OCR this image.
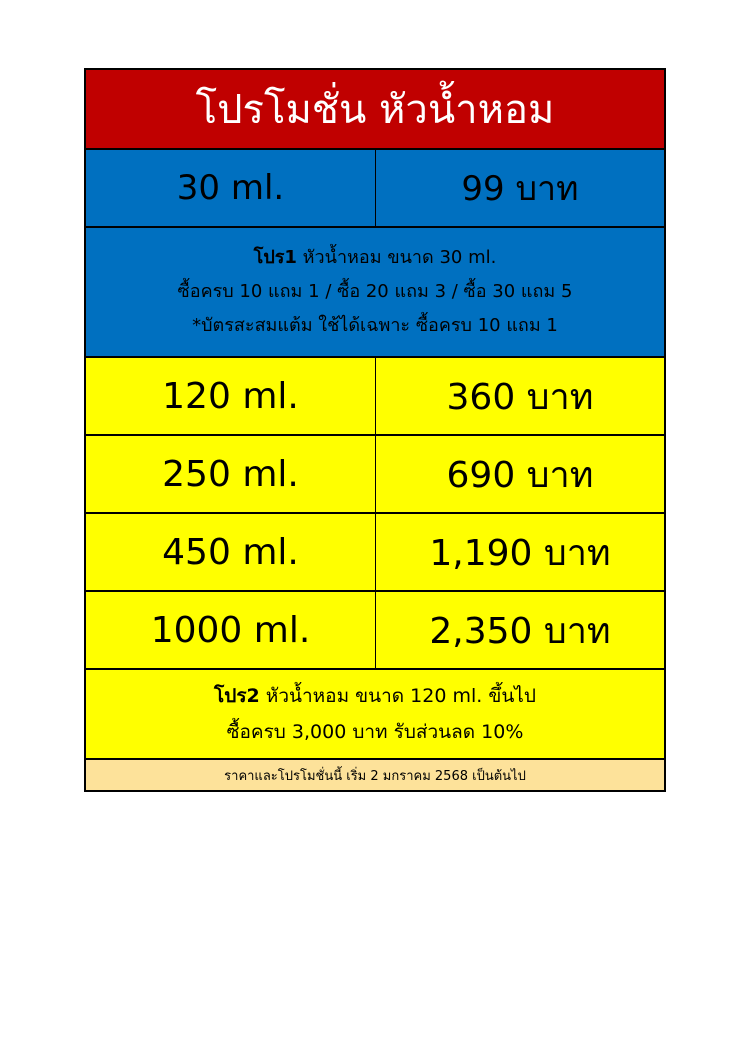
โปรโมชั่น หัวน้ำหอม
30 ml.	99 บาท
โปร1 หัวน้ำหอม ขนาด 30 ml.
ซื้อครบ 10 แถม 1 / ซื้อ 20 แถม 3 / ซื้อ 30 แถม 5
*บัตรสะสมแต้ม ใช้ได้เฉพาะ ซื้อครบ 10 แถม 1
120 ml.	360 บาท
250 ml.	690 บาท
450 ml.	1,190 บาท
1000 ml.	2,350 บาท
โปร2 หัวน้ำหอม ขนาด 120 ml. ขึ้นไป
ซื้อครบ 3,000 บาท รับส่วนลด 10%
ราคาและโปรโมชั่นนี้ เริ่ม 2 มกราคม 2568 เป็นต้นไป
